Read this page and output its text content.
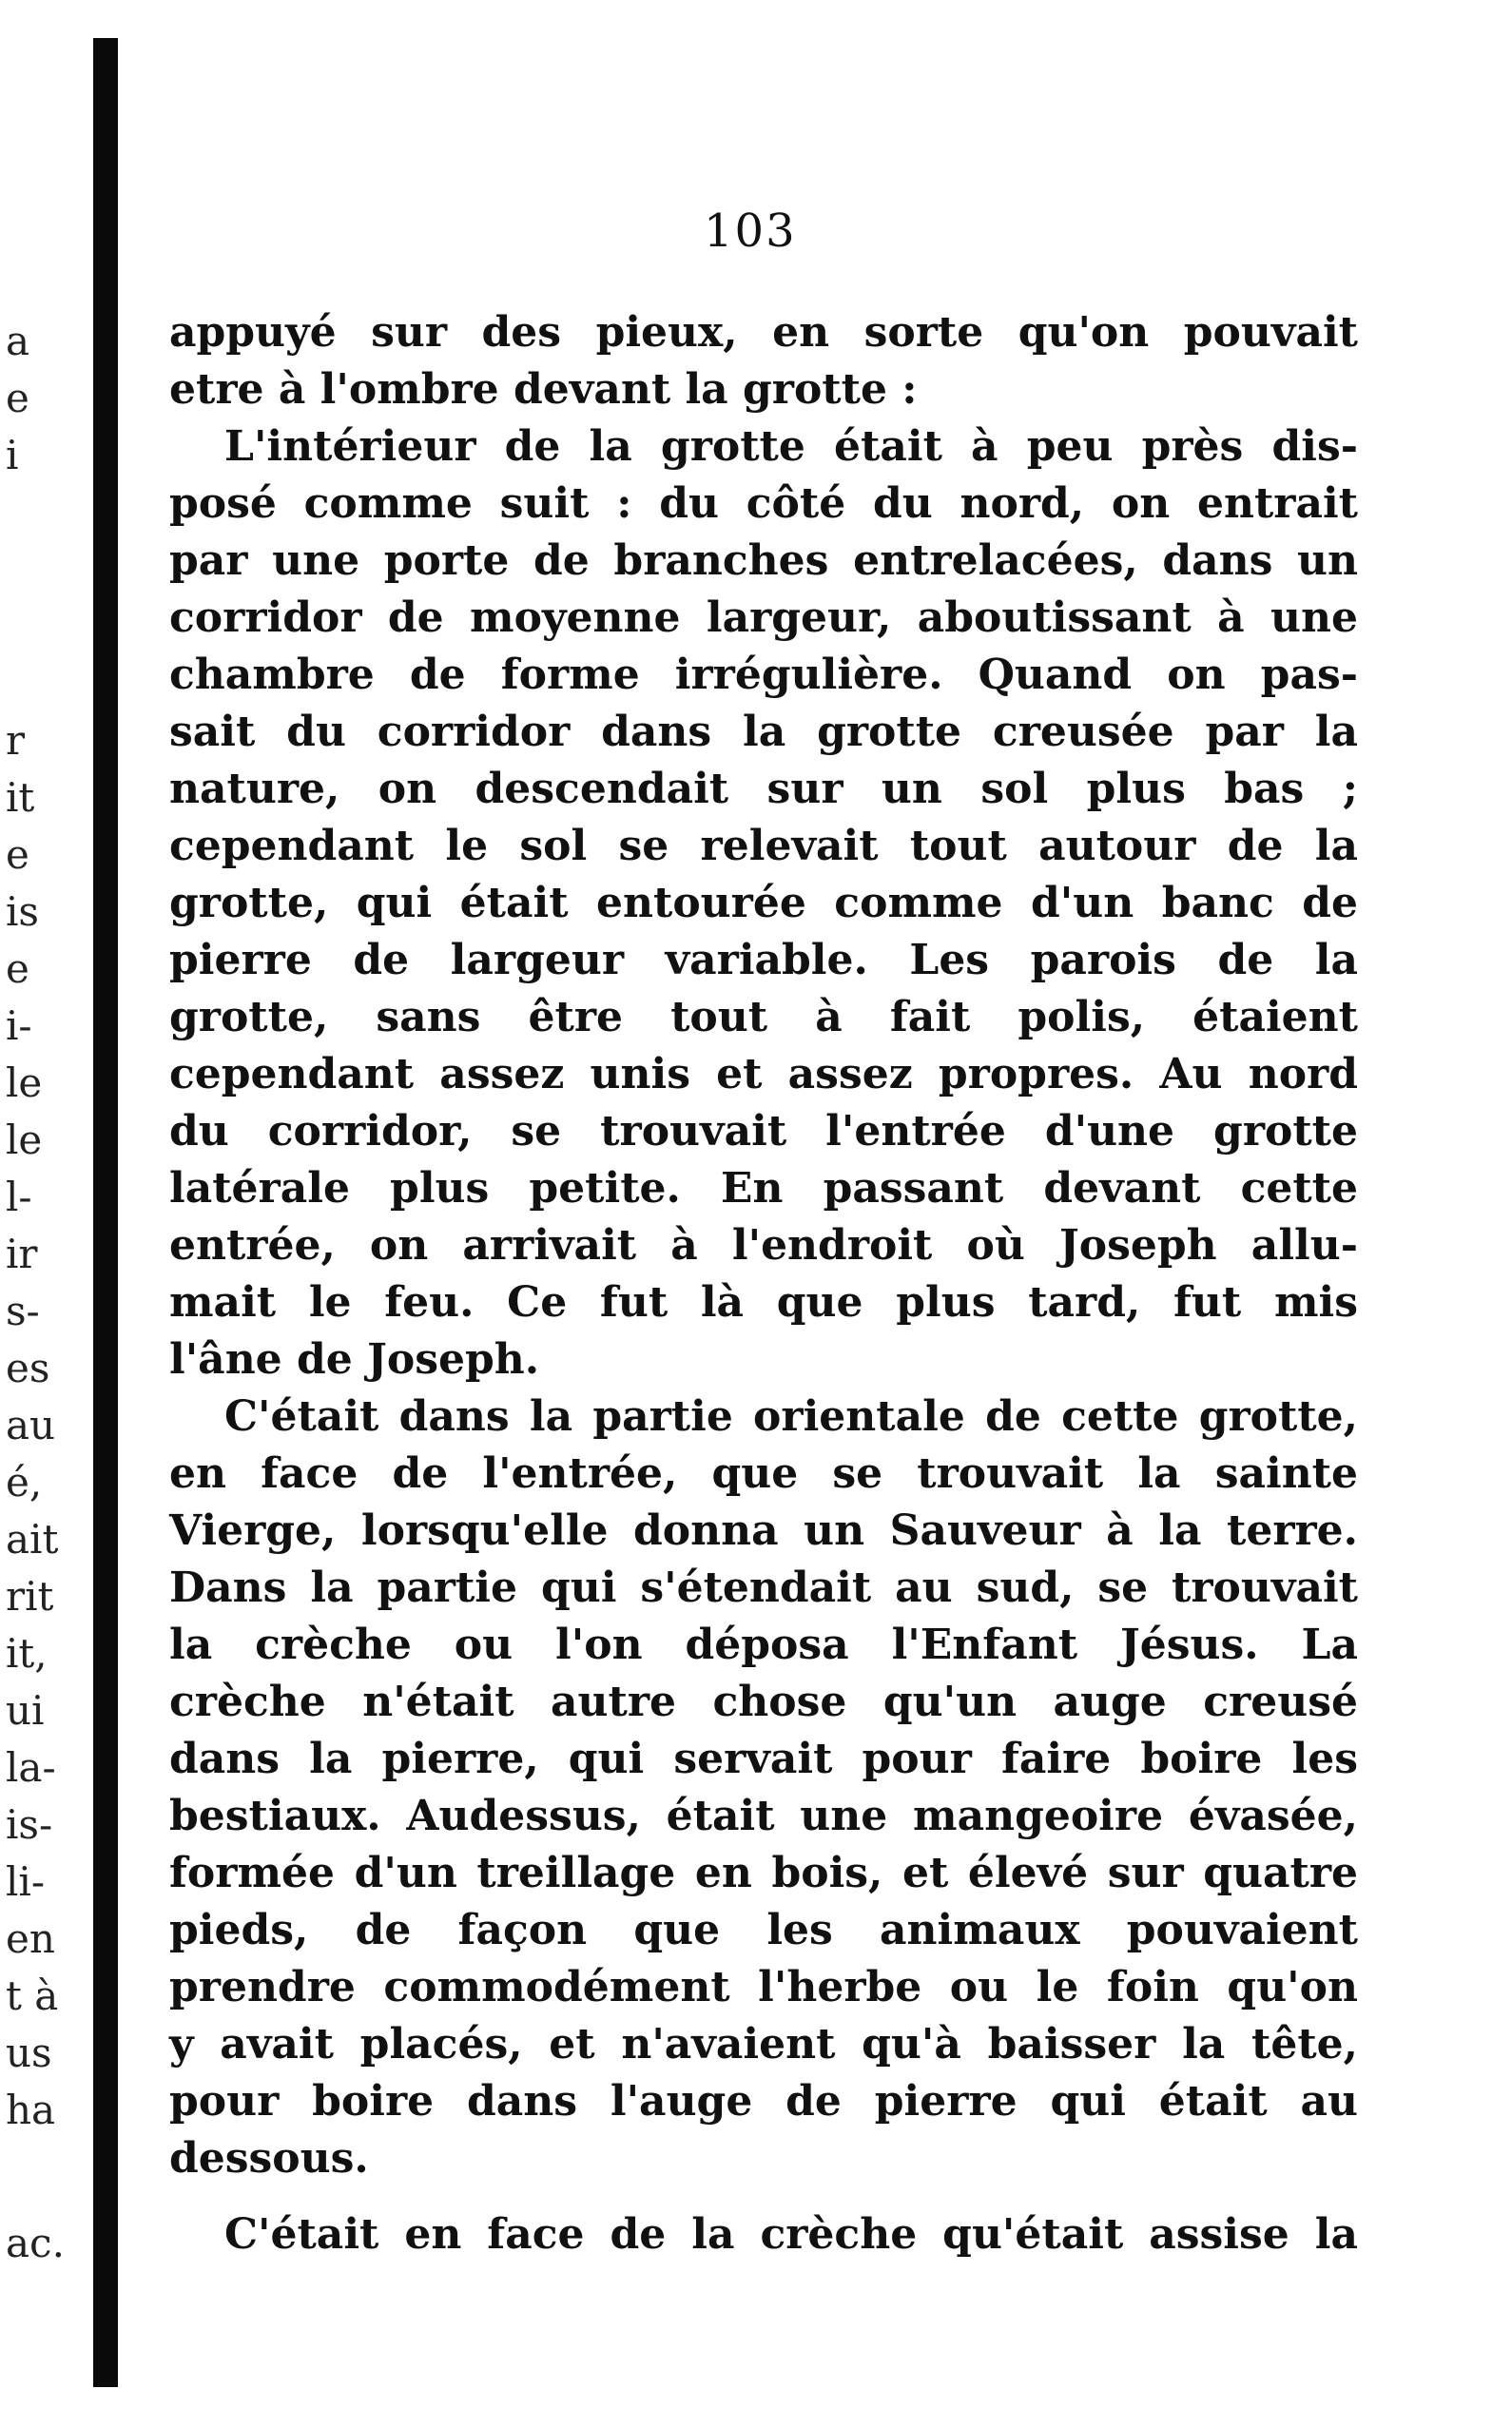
a
e
i
r
it
e
is
e
i-
le
le
l-
ir
s-
es
au
é,
ait
rit
it,
ui
la-
is-
li-
en
t à
us
ha
ac.
103
appuyé sur des pieux, en sorte qu'on pouvait
etre à l'ombre devant la grotte :
L'intérieur de la grotte était à peu près dis-
posé comme suit : du côté du nord, on entrait
par une porte de branches entrelacées, dans un
corridor de moyenne largeur, aboutissant à une
chambre de forme irrégulière. Quand on pas-
sait du corridor dans la grotte creusée par la
nature, on descendait sur un sol plus bas ;
cependant le sol se relevait tout autour de la
grotte, qui était entourée comme d'un banc de
pierre de largeur variable. Les parois de la
grotte, sans être tout à fait polis, étaient
cependant assez unis et assez propres. Au nord
du corridor, se trouvait l'entrée d'une grotte
latérale plus petite. En passant devant cette
entrée, on arrivait à l'endroit où Joseph allu-
mait le feu. Ce fut là que plus tard, fut mis
l'âne de Joseph.
C'était dans la partie orientale de cette grotte,
en face de l'entrée, que se trouvait la sainte
Vierge, lorsqu'elle donna un Sauveur à la terre.
Dans la partie qui s'étendait au sud, se trouvait
la crèche ou l'on déposa l'Enfant Jésus. La
crèche n'était autre chose qu'un auge creusé
dans la pierre, qui servait pour faire boire les
bestiaux. Audessus, était une mangeoire évasée,
formée d'un treillage en bois, et élevé sur quatre
pieds, de façon que les animaux pouvaient
prendre commodément l'herbe ou le foin qu'on
y avait placés, et n'avaient qu'à baisser la tête,
pour boire dans l'auge de pierre qui était au
dessous.
C'était en face de la crèche qu'était assise la
